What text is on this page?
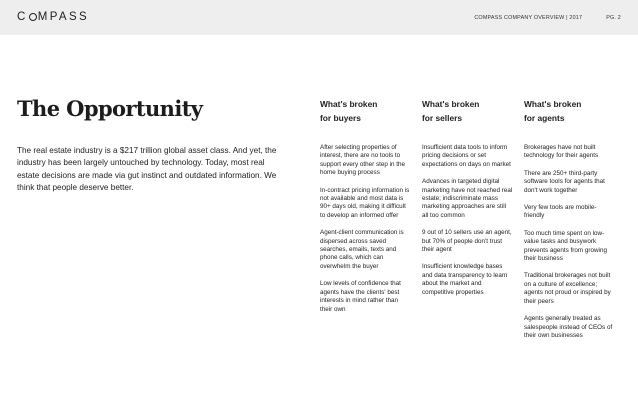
C MPASS	COMPASS COMPANY OVERVIEW | 2017	PG. 2
The Opportunity

The real estate industry is a $217 trillion global asset class. And yet, the industry has been largely untouched by technology. Today, most real estate decisions are made via gut instinct and outdated information. We think that people deserve better.

What's broken
for buyers

After selecting properties of interest, there are no tools to support every other step in the home buying process

In-contract pricing information is not available and most data is 90+ days old, making it difficult to develop an informed offer

Agent-client communication is dispersed across saved searches, emails, texts and phone calls, which can overwhelm the buyer

Low levels of confidence that agents have the clients' best interests in mind rather than their own

What's broken
for sellers

Insufficient data tools to inform pricing decisions or set expectations on days on market

Advances in targeted digital marketing have not reached real estate; indiscriminate mass marketing approaches are still all too common

9 out of 10 sellers use an agent, but 70% of people don't trust their agent

Insufficient knowledge bases and data transparency to learn about the market and competitive properties

What's broken
for agents

Brokerages have not built technology for their agents

There are 250+ third-party software tools for agents that don't work together

Very few tools are mobile-friendly

Too much time spent on low-value tasks and busywork prevents agents from growing their business

Traditional brokerages not built on a culture of excellence; agents not proud or inspired by their peers

Agents generally treated as salespeople instead of CEOs of their own businesses
